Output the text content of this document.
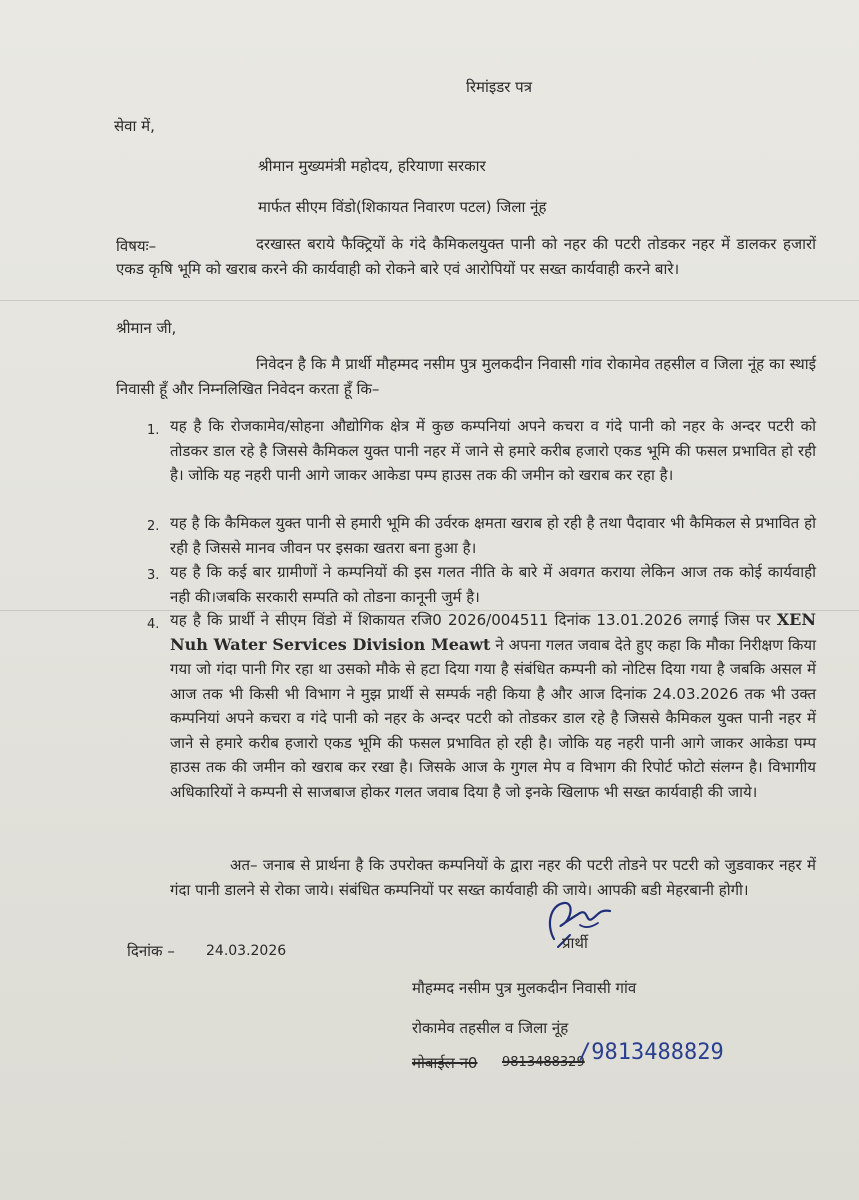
रिमांइडर पत्र
सेवा में,
श्रीमान मुख्यमंत्री महोदय, हरियाणा सरकार
मार्फत सीएम विंडो(शिकायत निवारण पटल) जिला नूंह
विषयः–	दरखास्त बराये फैक्ट्रियों के गंदे कैमिकलयुक्त पानी को नहर की पटरी तोडकर नहर में डालकर हजारों एकड कृषि भूमि को खराब करने की कार्यवाही को रोकने बारे एवं आरोपियों पर सख्त कार्यवाही करने बारे।
श्रीमान जी,
निवेदन है कि मै प्रार्थी मौहम्मद नसीम पुत्र मुलकदीन निवासी गांव रोकामेव तहसील व जिला नूंह का स्थाई निवासी हूँ और निम्नलिखित निवेदन करता हूँ कि–
1. यह है कि रोजकामेव/सोहना औद्योगिक क्षेत्र में कुछ कम्पनियां अपने कचरा व गंदे पानी को नहर के अन्दर पटरी को तोडकर डाल रहे है जिससे कैमिकल युक्त पानी नहर में जाने से हमारे करीब हजारो एकड भूमि की फसल प्रभावित हो रही है। जोकि यह नहरी पानी आगे जाकर आकेडा पम्प हाउस तक की जमीन को खराब कर रहा है।
2. यह है कि कैमिकल युक्त पानी से हमारी भूमि की उर्वरक क्षमता खराब हो रही है तथा पैदावार भी कैमिकल से प्रभावित हो रही है जिससे मानव जीवन पर इसका खतरा बना हुआ है।
3. यह है कि कई बार ग्रामीणों ने कम्पनियों की इस गलत नीति के बारे में अवगत कराया लेकिन आज तक कोई कार्यवाही नही की।जबकि सरकारी सम्पति को तोडना कानूनी जुर्म है।
4. यह है कि प्रार्थी ने सीएम विंडो में शिकायत रजि0 2026/004511 दिनांक 13.01.2026 लगाई जिस पर XEN Nuh Water Services Division Meawt ने अपना गलत जवाब देते हुए कहा कि मौका निरीक्षण किया गया जो गंदा पानी गिर रहा था उसको मौके से हटा दिया गया है संबंधित कम्पनी को नोटिस दिया गया है जबकि असल में आज तक भी किसी भी विभाग ने मुझ प्रार्थी से सम्पर्क नही किया है और आज दिनांक 24.03.2026 तक भी उक्त कम्पनियां अपने कचरा व गंदे पानी को नहर के अन्दर पटरी को तोडकर डाल रहे है जिससे कैमिकल युक्त पानी नहर में जाने से हमारे करीब हजारो एकड भूमि की फसल प्रभावित हो रही है। जोकि यह नहरी पानी आगे जाकर आकेडा पम्प हाउस तक की जमीन को खराब कर रखा है। जिसके आज के गुगल मेप व विभाग की रिपोर्ट फोटो संलग्न है। विभागीय अधिकारियों ने कम्पनी से साजबाज होकर गलत जवाब दिया है जो इनके खिलाफ भी सख्त कार्यवाही की जाये।
अत– जनाब से प्रार्थना है कि उपरोक्त कम्पनियों के द्वारा नहर की पटरी तोडने पर पटरी को जुडवाकर नहर में गंदा पानी डालने से रोका जाये। संबंधित कम्पनियों पर सख्त कार्यवाही की जाये। आपकी बडी मेहरबानी होगी।
प्रार्थी
दिनांक – 24.03.2026
मौहम्मद नसीम पुत्र मुलकदीन निवासी गांव
रोकामेव तहसील व जिला नूंह
मोबाईल न0 9813488329
/9813488829
